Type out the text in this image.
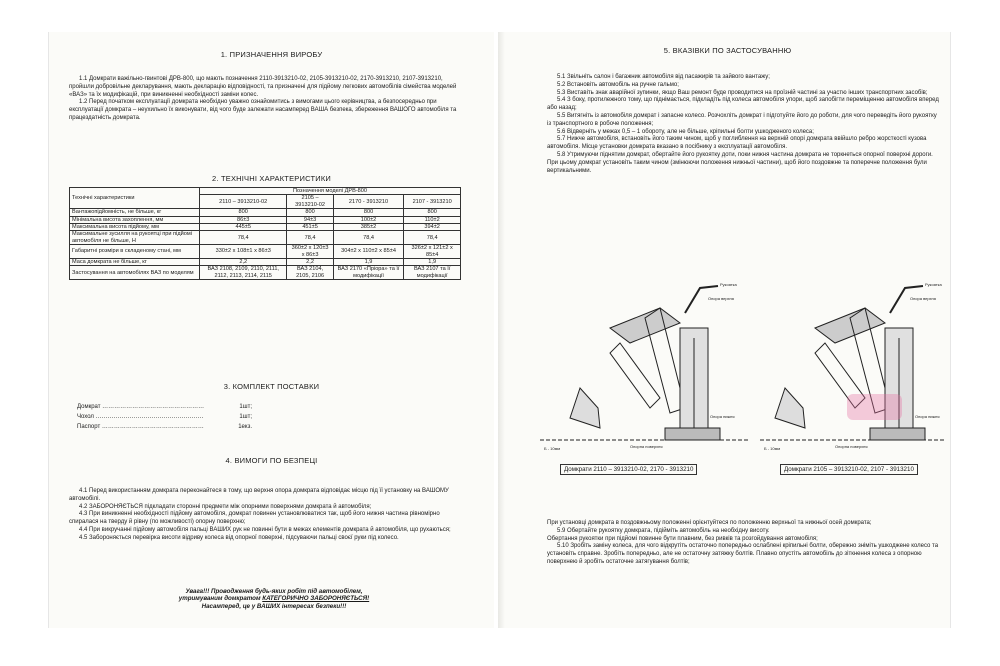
1. ПРИЗНАЧЕННЯ ВИРОБУ

1.1 Домкрати важільно-гвинтові ДРВ-800, що мають позначення 2110-3913210-02, 2105-3913210-02, 2170-3913210, 2107-3913210, пройшли добровільне декларування, мають декларацію відповідності, та призначені для підйому легкових автомобілів сімейства моделей «ВАЗ» та їх модифікацій, при виникненні необхідності заміни колес.

1.2 Перед початком експлуатації домкрата необхідно уважно ознайомитись з вимогами цього керівництва, а безпосередньо при експлуатації домкрата – неухильно їх виконувати, від чого буде залежати насамперед ВАША безпека, збереження ВАШОГО автомобіля та працездатність домкрата.

2. ТЕХНІЧНІ ХАРАКТЕРИСТИКИ
Технічні характеристики	Позначення моделі ДРВ-800			
	2110 – 3913210-02	2105 – 3913210-02	2170 - 3913210	2107 - 3913210
Вантажопідйомність, не більше, кг	800	800	800	800
Мінімальна висота захоплення, мм	86±3	94±3	100±2	110±2
Максимальна висота підйому, мм	445±5	451±5	385±2	394±2
Максимальне зусилля на рукоятці при підйомі автомобіля не більше, Н	78,4	78,4	78,4	78,4
Габаритні розміри в складеному стані, мм	330±2 х 108±1 х 86±3	360±2 х 120±3 х 86±3	304±2 х 110±2 х 85±4	326±2 х 121±2 х 85±4
Маса домкрата не більше, кг	2,2	2,2	1,9	1,9
Застосування на автомобілях ВАЗ по моделям	ВАЗ 2108, 2109, 2110, 2111, 2112, 2113, 2114, 2115	ВАЗ 2104, 2105, 2106	ВАЗ 2170 «Пріора» та її модифікації	ВАЗ 2107 та її модифікації
3. КОМПЛЕКТ ПОСТАВКИ
Домкрат ……………………………………………	1шт;
Чохол ………………………………………………	1шт;
Паспорт ……………………………………………	1екз.
4. ВИМОГИ ПО БЕЗПЕЦІ

4.1 Перед використанням домкрата переконайтеся в тому, що верхня опора домкрата відповідає місцю під її установку на ВАШОМУ автомобілі.

4.2 ЗАБОРОНЯЄТЬСЯ підкладати сторонні предмети між опорними поверхнями домкрата й автомобіля;

4.3 При виникненні необхідності підйому автомобіля, домкрат повинен установлюватися так, щоб його нижня частина рівномірно спиралася на тверду й рівну (по можливості) опорну поверхню;

4.4 При викручанні підйому автомобіля пальці ВАШИХ рук не повинні бути в межах елементів домкрата й автомобіля, що рухаються;

4.5 Забороняється перевірка висоти відриву колеса від опорної поверхні, підсуваючи пальці своєї руки під колесо.

Увага!!! Проводження будь-яких робіт під автомобілем,
утримуваним домкратом КАТЕГОРИЧНО ЗАБОРОНЯЄТЬСЯ!
Насамперед, це у ВАШИХ інтересах безпеки!!!
5. ВКАЗІВКИ ПО ЗАСТОСУВАННЮ

5.1 Звільніть салон і багажник автомобіля від пасажирів та зайвого вантажу;

5.2 Встановіть автомобіль на ручне гальмо;

5.3 Виставіть знак аварійної зупинки, якщо Ваш ремонт буде проводитися на проїзній частині за участю інших транспортних засобів;

5.4 З боку, протилежного тому, що піднімається, підкладіть під колеса автомобіля упори, щоб запобігти переміщенню автомобіля вперед або назад;

5.5 Витягніть із автомобіля домкрат і запасне колесо. Розчохліть домкрат і підготуйте його до роботи, для чого переведіть його рукоятку із транспортного в робоче положення;

5.6 Відверніть у межах 0,5 – 1 обороту, але не більше, кріпильні болти ушкодженого колеса;

5.7 Нижче автомобіля, встановіть його таким чином, щоб у поглиблення на верхній опорі домкрата ввійшло ребро жорсткості кузова автомобіля. Місце установки домкрата вказано в посібнику з експлуатації автомобіля.

5.8 Утримуючи піднятим домкрат, обертайте його рукоятку доти, поки нижня частина домкрата не торкнеться опорної поверхні дороги.

При цьому домкрат установіть таким чином (змінюючи положення нижньої частини), щоб його поздовжне та поперечне положення були вертикальними.

Опора верхня
Рукоятка
Опора нижня
Опорна поверхня
Б - 10мм
Домкрати 2110 – 3913210-02, 2170 - 3913210
Опора верхня
Рукоятка
Опора нижня
Опорна поверхня
Б - 10мм
Домкрати 2105 – 3913210-02, 2107 - 3913210

При установці домкрата в поздовжньому положенні орієнтуйтеся по положенню верхньої та нижньої осей домкрата;

5.9 Обертайте рукоятку домкрата, підійміть автомобіль на необхідну висоту.

Обертання рукоятки при підйомі повинне бути плавним, без ривків та розгойдування автомобіля;

5.10 Зробіть заміну колеса, для чого відкрутіть остаточно попередньо ослаблені кріпильні болти, обережно зніміть ушкоджене колесо та установіть справне. Зробіть попередньо, але не остаточну затяжку болтів. Плавно опустіть автомобіль до зіткнення колеса з опорною поверхнею й зробіть остаточне затягування болтів;
